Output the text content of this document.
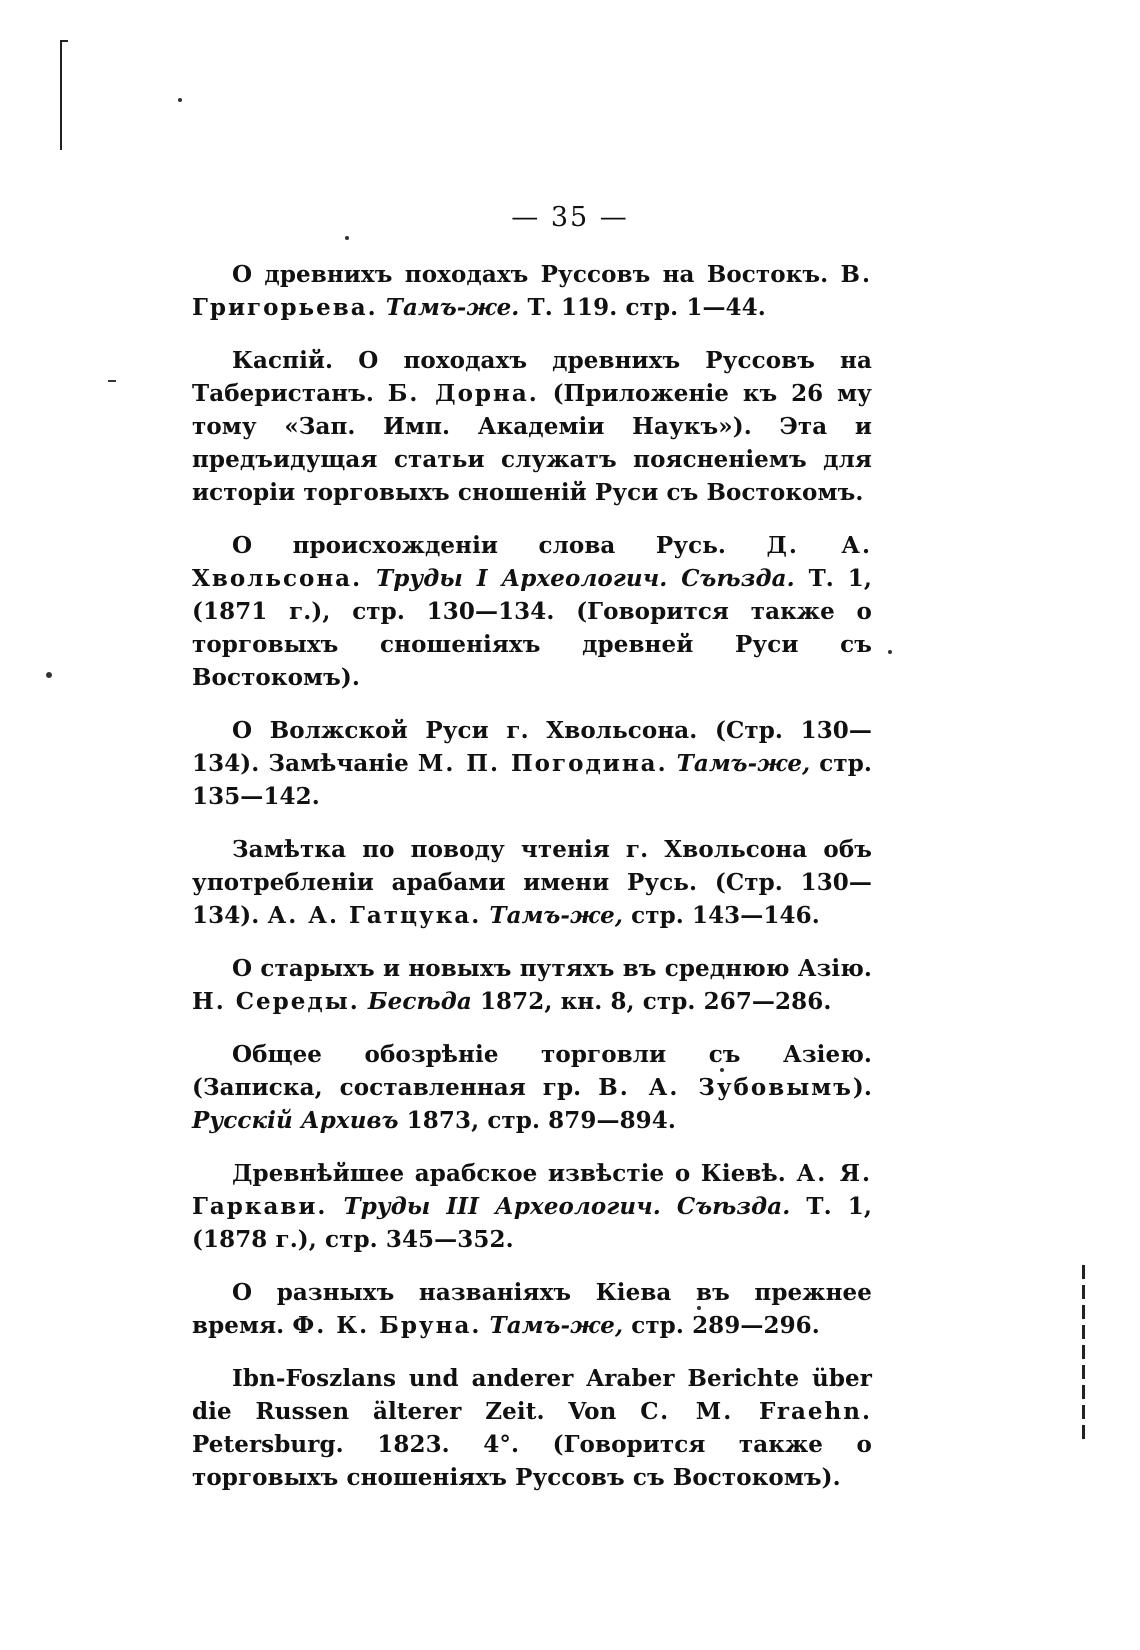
— 35 —

О древнихъ походахъ Руссовъ на Востокъ. В. Григорьева. Тамъ-же. Т. 119. стр. 1—44.

Каспій. О походахъ древнихъ Руссовъ на Таберистанъ. Б. Дорна. (Приложеніе къ 26 му тому «Зап. Имп. Академіи Наукъ»). Эта и предъидущая статьи служатъ поясненіемъ для исторіи торговыхъ сношеній Руси съ Востокомъ.

О происхожденіи слова Русь. Д. А. Хвольсона. Труды I Археологич. Съѣзда. Т. 1, (1871 г.), стр. 130—134. (Говорится также о торговыхъ сношеніяхъ древней Руси съ Востокомъ).

О Волжской Руси г. Хвольсона. (Стр. 130—134). Замѣчаніе М. П. Погодина. Тамъ-же, стр. 135—142.

Замѣтка по поводу чтенія г. Хвольсона объ употребленіи арабами имени Русь. (Стр. 130—134). А. А. Гатцука. Тамъ-же, стр. 143—146.

О старыхъ и новыхъ путяхъ въ среднюю Азію. Н. Середы. Бесѣда 1872, кн. 8, стр. 267—286.

Общее обозрѣніе торговли съ Азіею. (Записка, составленная гр. В. А. Зубовымъ). Русскій Архивъ 1873, стр. 879—894.

Древнѣйшее арабское извѣстіе о Кіевѣ. А. Я. Гаркави. Труды III Археологич. Съѣзда. Т. 1, (1878 г.), стр. 345—352.

О разныхъ названіяхъ Кіева въ прежнее время. Ф. К. Бруна. Тамъ-же, стр. 289—296.

Ibn-Foszlans und anderer Araber Berichte über die Russen älterer Zeit. Von C. M. Fraehn. Petersburg. 1823. 4°. (Говорится также о торговыхъ сношеніяхъ Руссовъ съ Востокомъ).
